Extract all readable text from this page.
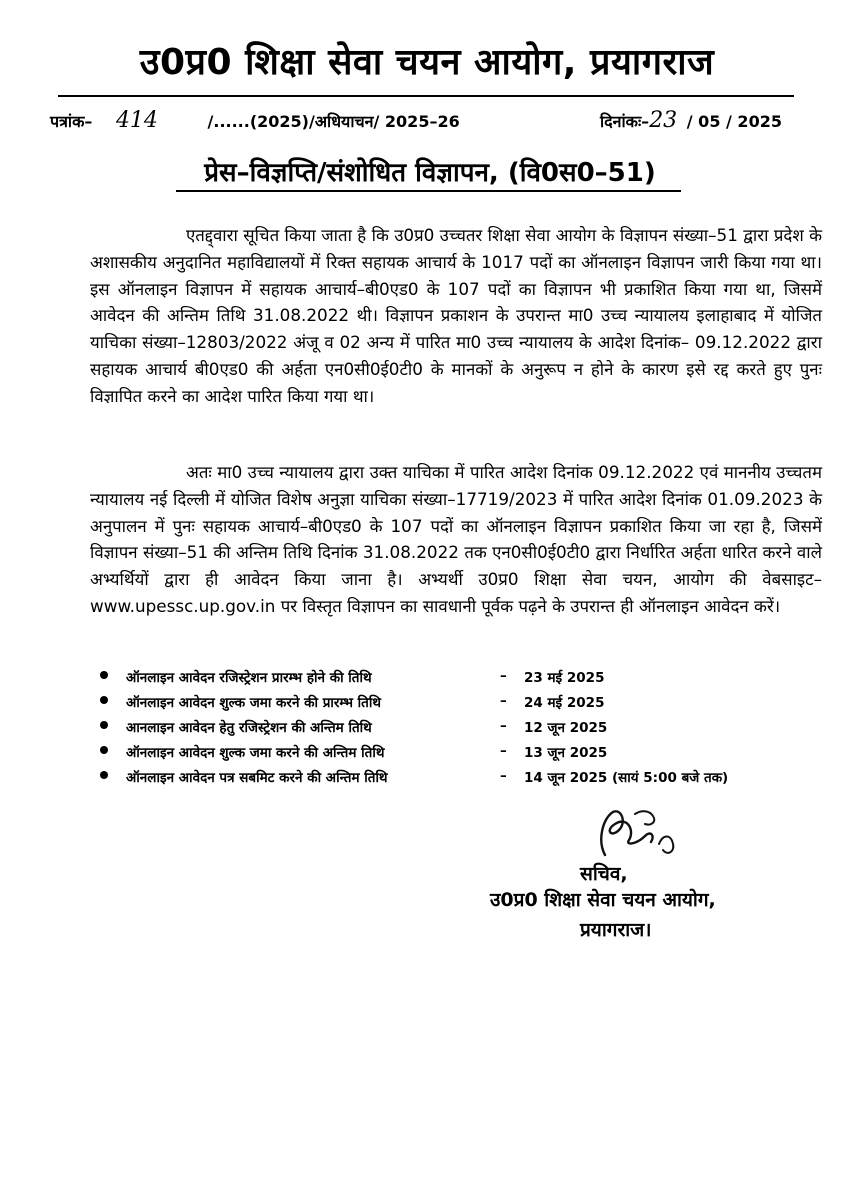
उ0प्र0 शिक्षा सेवा चयन आयोग, प्रयागराज
पत्रांक– 414	/......(2025)/अधियाचन/ 2025–26	दिनांकः–23 / 05 / 2025
प्रेस–विज्ञप्ति/संशोधित विज्ञापन, (वि0स0–51)

एतद्द्वारा सूचित किया जाता है कि उ0प्र0 उच्चतर शिक्षा सेवा आयोग के विज्ञापन संख्या–51 द्वारा प्रदेश के अशासकीय अनुदानित महाविद्यालयों में रिक्त सहायक आचार्य के 1017 पदों का ऑनलाइन विज्ञापन जारी किया गया था। इस ऑनलाइन विज्ञापन में सहायक आचार्य–बी0एड0 के 107 पदों का विज्ञापन भी प्रकाशित किया गया था, जिसमें आवेदन की अन्तिम तिथि 31.08.2022 थी। विज्ञापन प्रकाशन के उपरान्त मा0 उच्च न्यायालय इलाहाबाद में योजित याचिका संख्या–12803/2022 अंजू व 02 अन्य में पारित मा0 उच्च न्यायालय के आदेश दिनांक– 09.12.2022 द्वारा सहायक आचार्य बी0एड0 की अर्हता एन0सी0ई0टी0 के मानकों के अनुरूप न होने के कारण इसे रद्द करते हुए पुनः विज्ञापित करने का आदेश पारित किया गया था।

अतः मा0 उच्च न्यायालय द्वारा उक्त याचिका में पारित आदेश दिनांक 09.12.2022 एवं माननीय उच्चतम न्यायालय नई दिल्ली में योजित विशेष अनुज्ञा याचिका संख्या–17719/2023 में पारित आदेश दिनांक 01.09.2023 के अनुपालन में पुनः सहायक आचार्य–बी0एड0 के 107 पदों का ऑनलाइन विज्ञापन प्रकाशित किया जा रहा है, जिसमें विज्ञापन संख्या–51 की अन्तिम तिथि दिनांक 31.08.2022 तक एन0सी0ई0टी0 द्वारा निर्धारित अर्हता धारित करने वाले अभ्यर्थियों द्वारा ही आवेदन किया जाना है। अभ्यर्थी उ0प्र0 शिक्षा सेवा चयन, आयोग की वेबसाइट– www.upessc.up.gov.in पर विस्तृत विज्ञापन का सावधानी पूर्वक पढ़ने के उपरान्त ही ऑनलाइन आवेदन करें।

ऑनलाइन आवेदन रजिस्ट्रेशन प्रारम्भ होने की तिथि	– 23 मई 2025
ऑनलाइन आवेदन शुल्क जमा करने की प्रारम्भ तिथि	– 24 मई 2025
आनलाइन आवेदन हेतु रजिस्ट्रेशन की अन्तिम तिथि	– 12 जून 2025
ऑनलाइन आवेदन शुल्क जमा करने की अन्तिम तिथि	– 13 जून 2025
ऑनलाइन आवेदन पत्र सबमिट करने की अन्तिम तिथि	– 14 जून 2025 (सायं 5:00 बजे तक)
सचिव,
उ0प्र0 शिक्षा सेवा चयन आयोग,
प्रयागराज।
